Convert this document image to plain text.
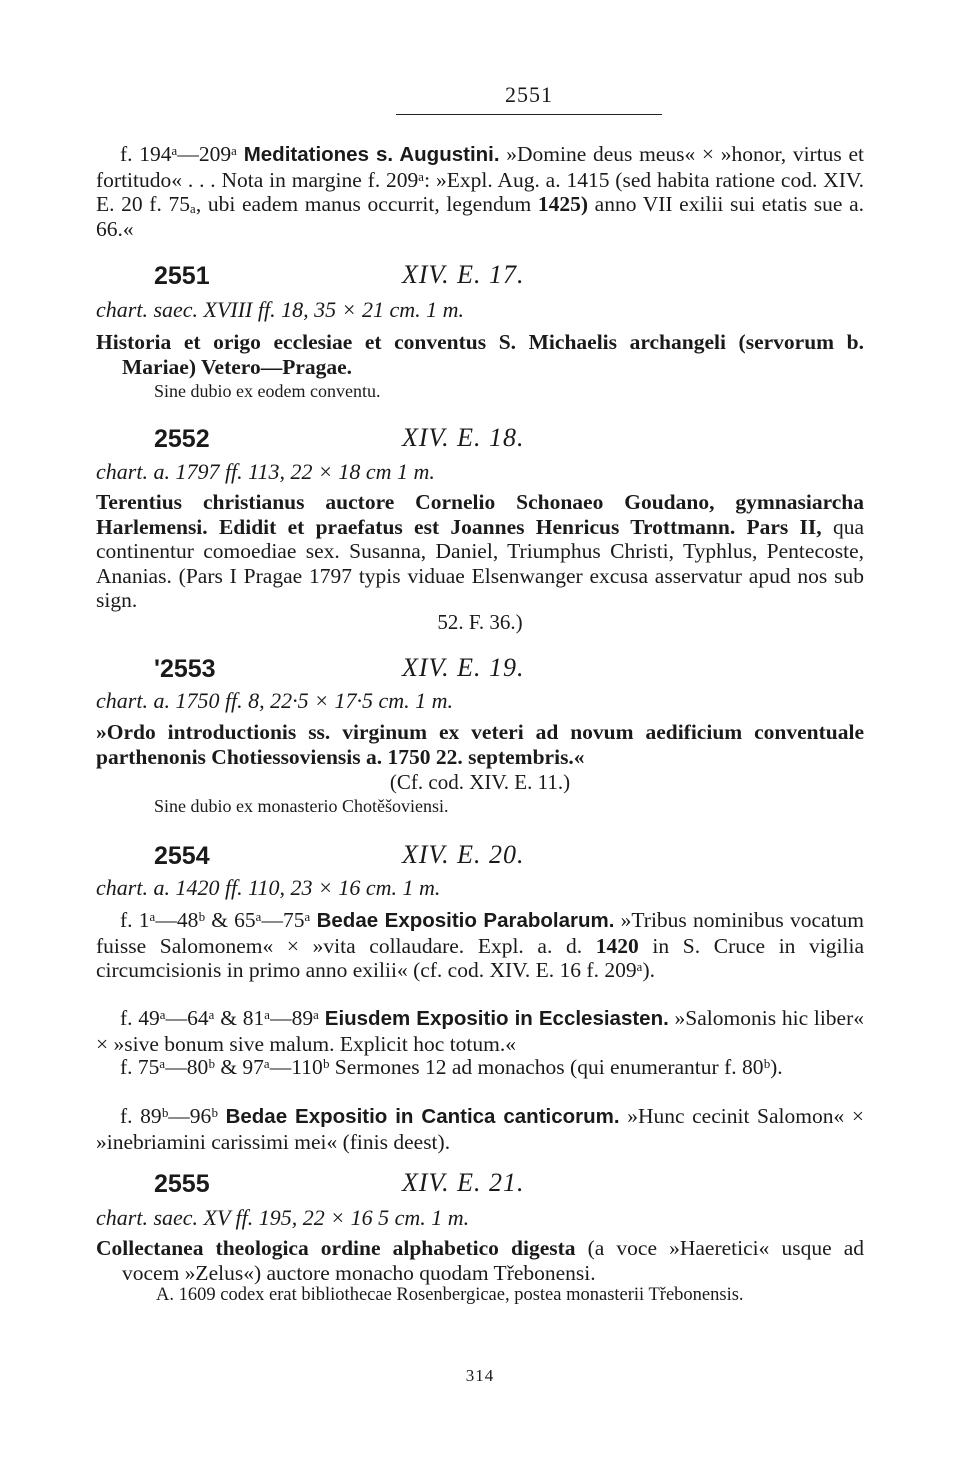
2551
f. 194ᵃ—209ᵃ Meditationes s. Augustini. »Domine deus meus« × »honor, virtus et fortitudo« . . . Nota in margine f. 209ᵃ: »Expl. Aug. a. 1415 (sed habita ratione cod. XIV. E. 20 f. 75ₐ, ubi eadem manus occurrit, legendum 1425) anno VII exilii sui etatis sue a. 66.«
2551	XIV. E. 17.
chart. saec. XVIII ff. 18, 35 × 21 cm. 1 m.
Historia et origo ecclesiae et conventus S. Michaelis archangeli (servorum b. Mariae) Vetero—Pragae.
Sine dubio ex eodem conventu.
2552	XIV. E. 18.
chart. a. 1797 ff. 113, 22 × 18 cm 1 m.
Terentius christianus auctore Cornelio Schonaeo Goudano, gymnasiarcha Harlemensi. Edidit et praefatus est Joannes Henricus Trottmann. Pars II, qua continentur comoediae sex. Susanna, Daniel, Triumphus Christi, Typhlus, Pentecoste, Ananias. (Pars I Pragae 1797 typis viduae Elsenwanger excusa asservatur apud nos sub sign.
52. F. 36.)
'2553	XIV. E. 19.
chart. a. 1750 ff. 8, 22·5 × 17·5 cm. 1 m.
»Ordo introductionis ss. virginum ex veteri ad novum aedificium conventuale parthenonis Chotiessoviensis a. 1750 22. septembris.«
(Cf. cod. XIV. E. 11.)
Sine dubio ex monasterio Chotěšoviensi.
2554	XIV. E. 20.
chart. a. 1420 ff. 110, 23 × 16 cm. 1 m.
f. 1ᵃ—48ᵇ & 65ᵃ—75ᵃ Bedae Expositio Parabolarum. »Tribus nominibus vocatum fuisse Salomonem« × »vita collaudare. Expl. a. d. 1420 in S. Cruce in vigilia circumcisionis in primo anno exilii« (cf. cod. XIV. E. 16 f. 209ᵃ).
f. 49ᵃ—64ᵃ & 81ᵃ—89ᵃ Eiusdem Expositio in Ecclesiasten. »Salomonis hic liber« × »sive bonum sive malum. Explicit hoc totum.«
f. 75ᵃ—80ᵇ & 97ᵃ—110ᵇ Sermones 12 ad monachos (qui enumerantur f. 80ᵇ).
f. 89ᵇ—96ᵇ Bedae Expositio in Cantica canticorum. »Hunc cecinit Salomon« × »inebriamini carissimi mei« (finis deest).
2555	XIV. E. 21.
chart. saec. XV ff. 195, 22 × 16 5 cm. 1 m.
Collectanea theologica ordine alphabetico digesta (a voce »Haeretici« usque ad vocem »Zelus«) auctore monacho quodam Třebonensi.
A. 1609 codex erat bibliothecae Rosenbergicae, postea monasterii Třebonensis.
314
